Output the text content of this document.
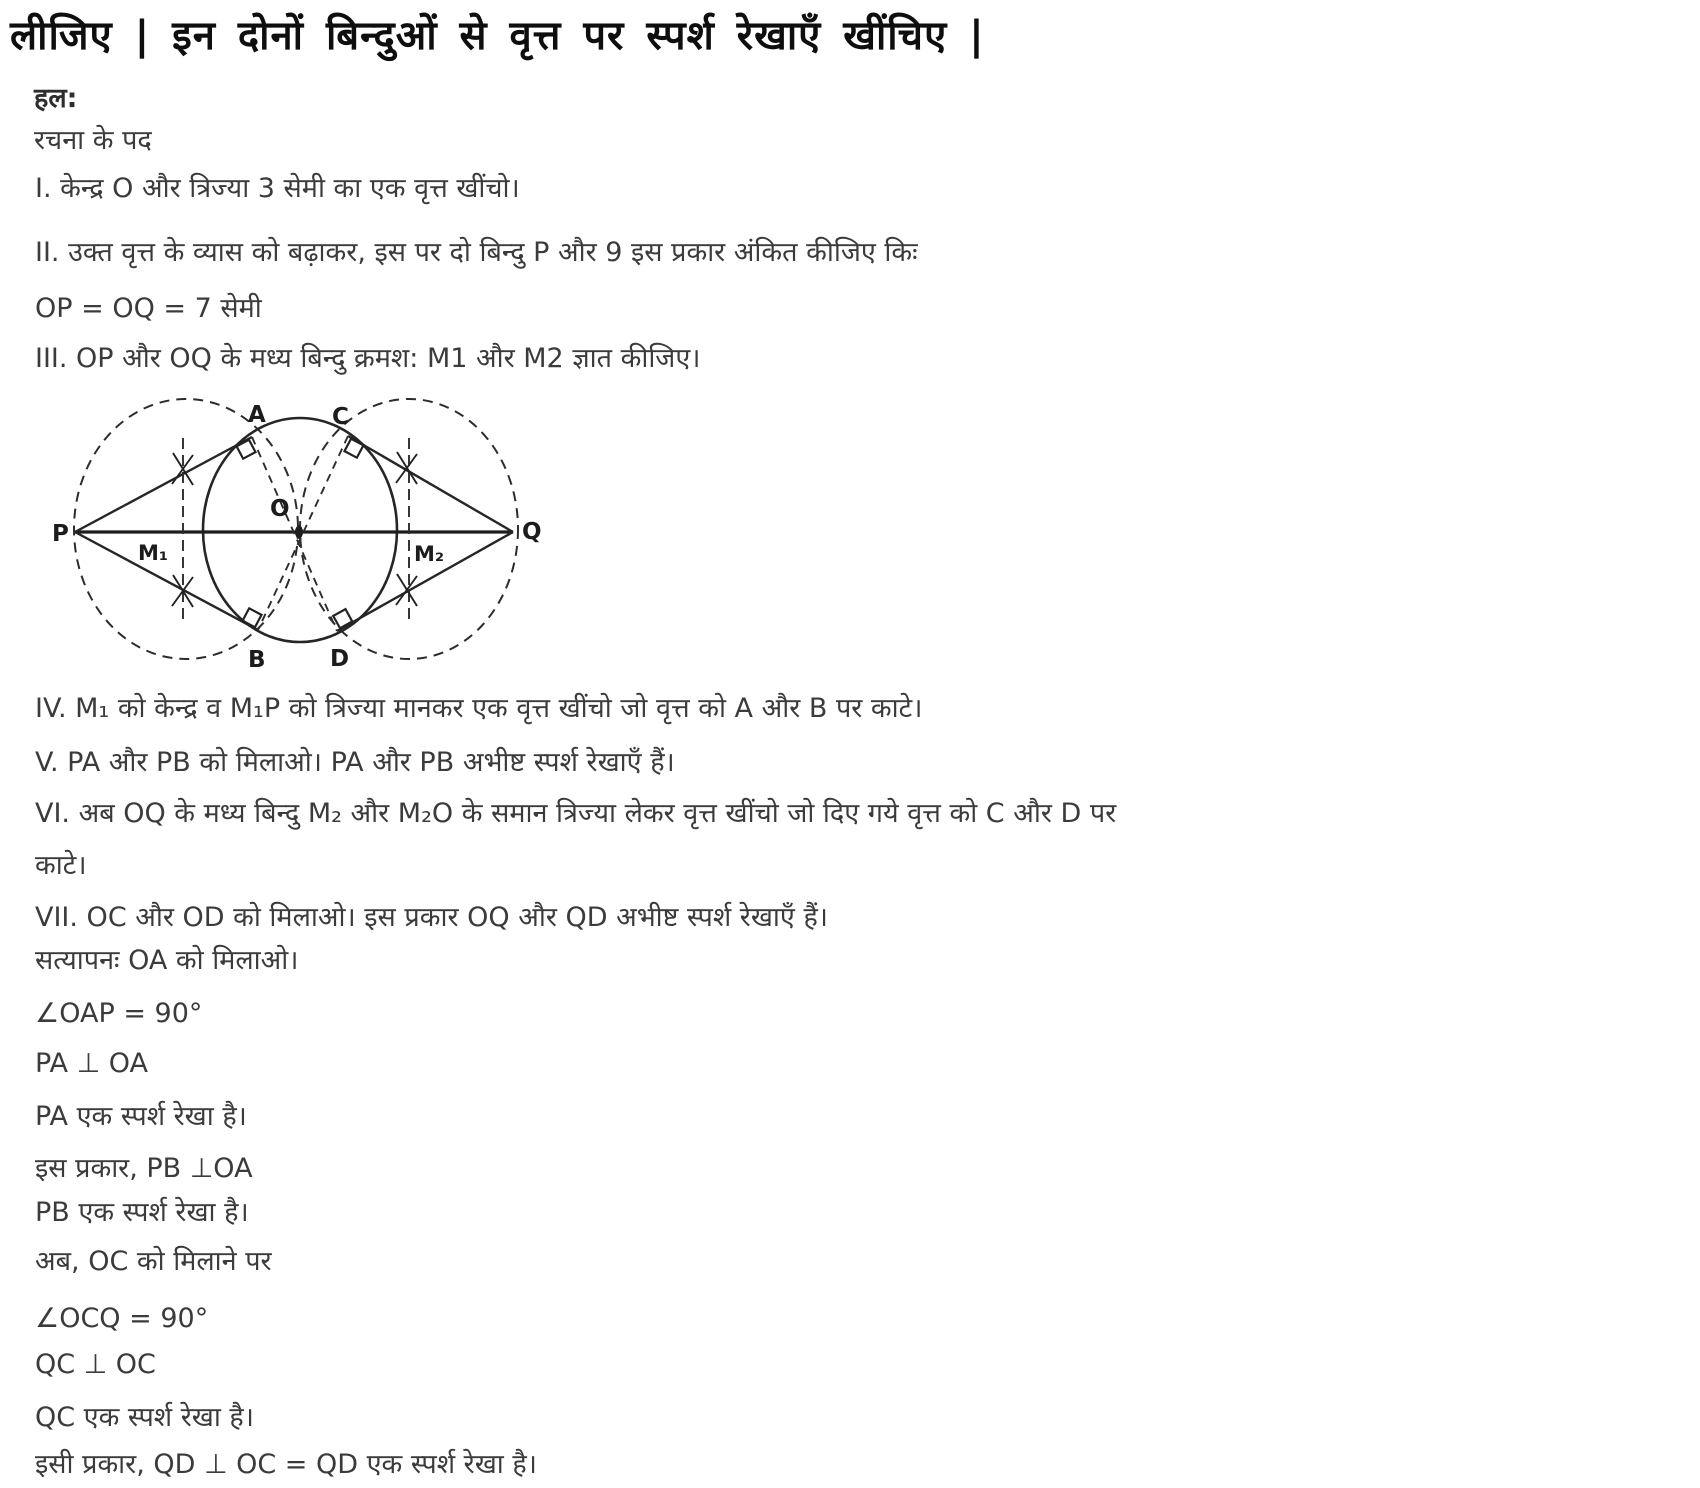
लीजिए | इन दोनों बिन्दुओं से वृत्त पर स्पर्श रेखाएँ खींचिए |
हल:
रचना के पद
I. केन्द्र O और त्रिज्या 3 सेमी का एक वृत्त खींचो।
II. उक्त वृत्त के व्यास को बढ़ाकर, इस पर दो बिन्दु P और 9 इस प्रकार अंकित कीजिए किः
OP = OQ = 7 सेमी
III. OP और OQ के मध्य बिन्दु क्रमश: M1 और M2 ज्ञात कीजिए।
P	Q
O
A	C
B	D
M₁	M₂
IV. M₁ को केन्द्र व M₁P को त्रिज्या मानकर एक वृत्त खींचो जो वृत्त को A और B पर काटे।
V. PA और PB को मिलाओ। PA और PB अभीष्ट स्पर्श रेखाएँ हैं।
VI. अब OQ के मध्य बिन्दु M₂ और M₂O के समान त्रिज्या लेकर वृत्त खींचो जो दिए गये वृत्त को C और D पर
काटे।
VII. OC और OD को मिलाओ। इस प्रकार OQ और QD अभीष्ट स्पर्श रेखाएँ हैं।
सत्यापनः OA को मिलाओ।
∠OAP = 90°
PA ⊥ OA
PA एक स्पर्श रेखा है।
इस प्रकार, PB ⊥OA
PB एक स्पर्श रेखा है।
अब, OC को मिलाने पर
∠OCQ = 90°
QC ⊥ OC
QC एक स्पर्श रेखा है।
इसी प्रकार, QD ⊥ OC = QD एक स्पर्श रेखा है।
